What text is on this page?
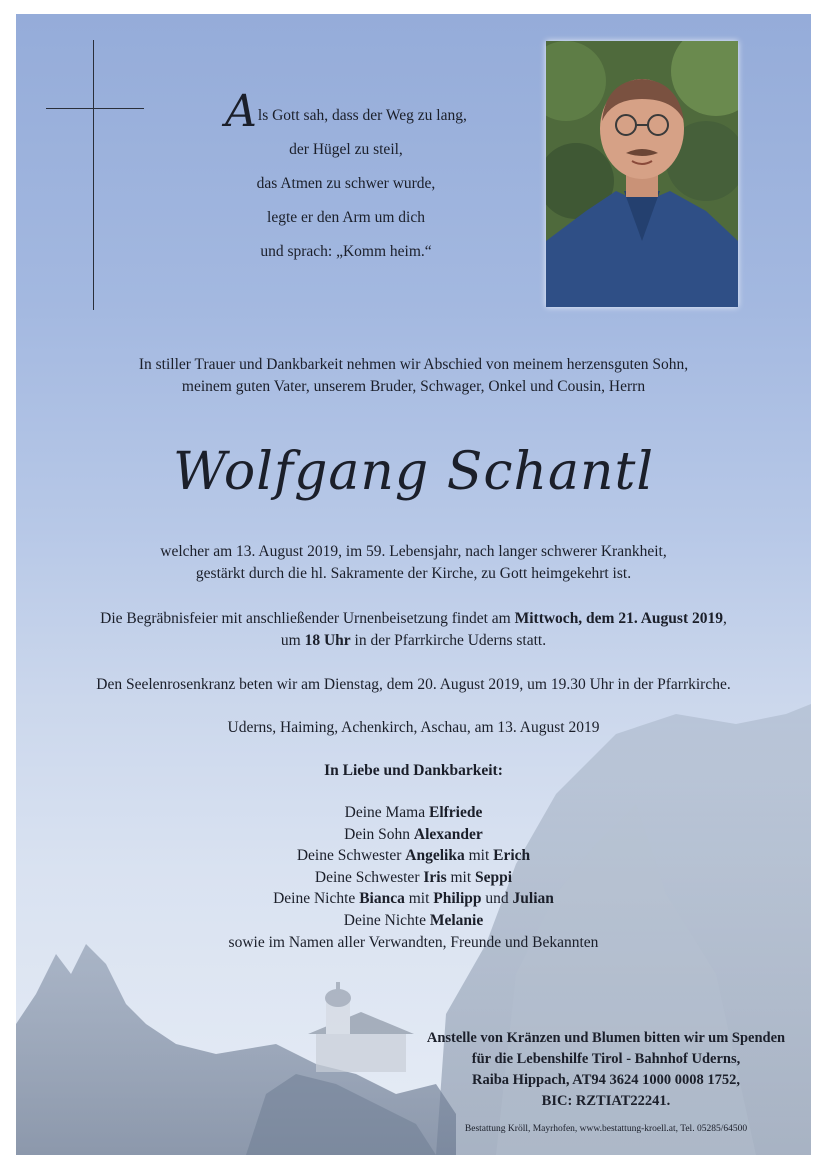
Als Gott sah, dass der Weg zu lang,
der Hügel zu steil,
das Atmen zu schwer wurde,
legte er den Arm um dich
und sprach: „Komm heim.“
In stiller Trauer und Dankbarkeit nehmen wir Abschied von meinem herzensguten Sohn,
meinem guten Vater, unserem Bruder, Schwager, Onkel und Cousin, Herrn
Wolfgang Schantl
welcher am 13. August 2019, im 59. Lebensjahr, nach langer schwerer Krankheit,
gestärkt durch die hl. Sakramente der Kirche, zu Gott heimgekehrt ist.
Die Begräbnisfeier mit anschließender Urnenbeisetzung findet am Mittwoch, dem 21. August 2019,
um 18 Uhr in der Pfarrkirche Uderns statt.
Den Seelenrosenkranz beten wir am Dienstag, dem 20. August 2019, um 19.30 Uhr in der Pfarrkirche.
Uderns, Haiming, Achenkirch, Aschau, am 13. August 2019
In Liebe und Dankbarkeit:
Deine Mama Elfriede
Dein Sohn Alexander
Deine Schwester Angelika mit Erich
Deine Schwester Iris mit Seppi
Deine Nichte Bianca mit Philipp und Julian
Deine Nichte Melanie
sowie im Namen aller Verwandten, Freunde und Bekannten
Anstelle von Kränzen und Blumen bitten wir um Spenden
für die Lebenshilfe Tirol - Bahnhof Uderns,
Raiba Hippach, AT94 3624 1000 0008 1752,
BIC: RZTIAT22241.
Bestattung Kröll, Mayrhofen, www.bestattung-kroell.at, Tel. 05285/64500
